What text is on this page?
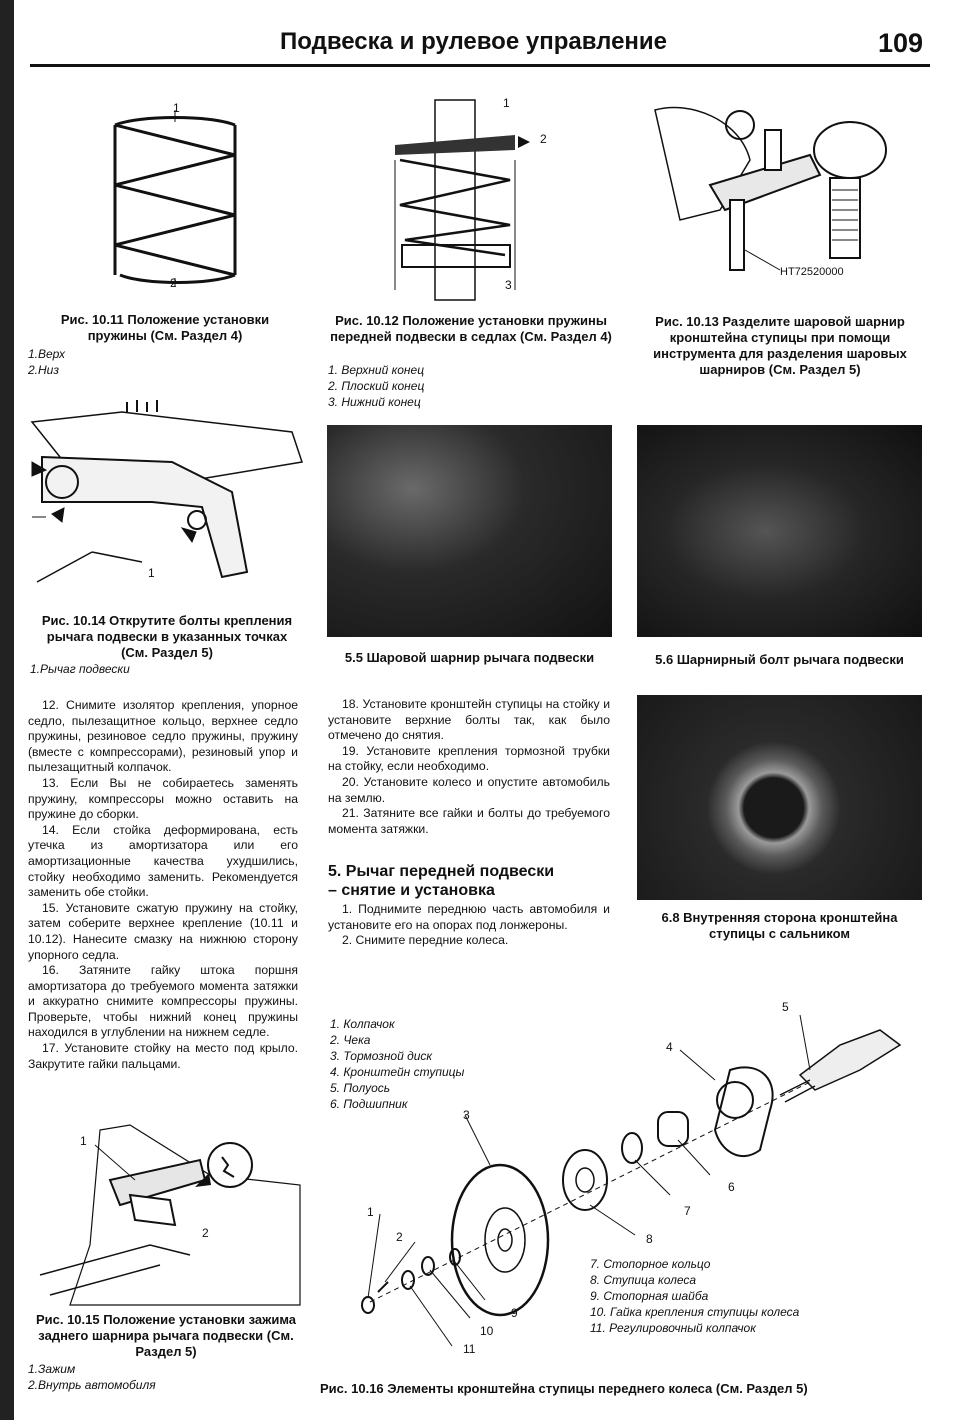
Подвеска и рулевое управление	109
1
2
Рис. 10.11 Положение установки пружины (См. Раздел 4)
1.Верх
2.Низ
1
2
3
Рис. 10.12 Положение установки пружины передней подвески в седлах (См. Раздел 4)
1. Верхний конец
2. Плоский конец
3. Нижний конец
HT72520000
Рис. 10.13 Разделите шаровой шарнир кронштейна ступицы при помощи инструмента для разделения шаровых шарниров (См. Раздел 5)
1
Рис. 10.14 Открутите болты крепления рычага подвески в указанных точках (См. Раздел 5)
1.Рычаг подвески
5.5 Шаровой шарнир рычага подвески	5.6 Шарнирный болт рычага подвески
6.8 Внутренняя сторона кронштейна ступицы с сальником

12. Снимите изолятор крепления, упорное седло, пылезащитное кольцо, верхнее седло пружины, резиновое седло пружины, пружину (вместе с компрессорами), резиновый упор и пылезащитный колпачок.

13. Если Вы не собираетесь заменять пружину, компрессоры можно оставить на пружине до сборки.

14. Если стойка деформирована, есть утечка из амортизатора или его амортизационные качества ухудшились, стойку необходимо заменить. Рекомендуется заменить обе стойки.

15. Установите сжатую пружину на стойку, затем соберите верхнее крепление (10.11 и 10.12). Нанесите смазку на нижнюю сторону упорного седла.

16. Затяните гайку штока поршня амортизатора до требуемого момента затяжки и аккуратно снимите компрессоры пружины. Проверьте, чтобы нижний конец пружины находился в углублении на нижнем седле.

17. Установите стойку на место под крыло. Закрутите гайки пальцами.

18. Установите кронштейн ступицы на стойку и установите верхние болты так, как было отмечено до снятия.

19. Установите крепления тормозной трубки на стойку, если необходимо.

20. Установите колесо и опустите автомобиль на землю.

21. Затяните все гайки и болты до требуемого момента затяжки.

5. Рычаг передней подвески
– снятие и установка

1. Поднимите переднюю часть автомобиля и установите его на опорах под лонжероны.

2. Снимите передние колеса.

1
2
Рис. 10.15 Положение установки зажима заднего шарнира рычага подвески (См. Раздел 5)
1.Зажим
2.Внутрь автомобиля
1. Колпачок
2. Чека
3. Тормозной диск
4. Кронштейн ступицы
5. Полуось
6. Подшипник
5
4
3
6
7
8
1
2
9
10
11
7. Стопорное кольцо
8. Ступица колеса
9. Стопорная шайба
10. Гайка крепления ступицы колеса
11. Регулировочный колпачок
Рис. 10.16 Элементы кронштейна ступицы переднего колеса (См. Раздел 5)
